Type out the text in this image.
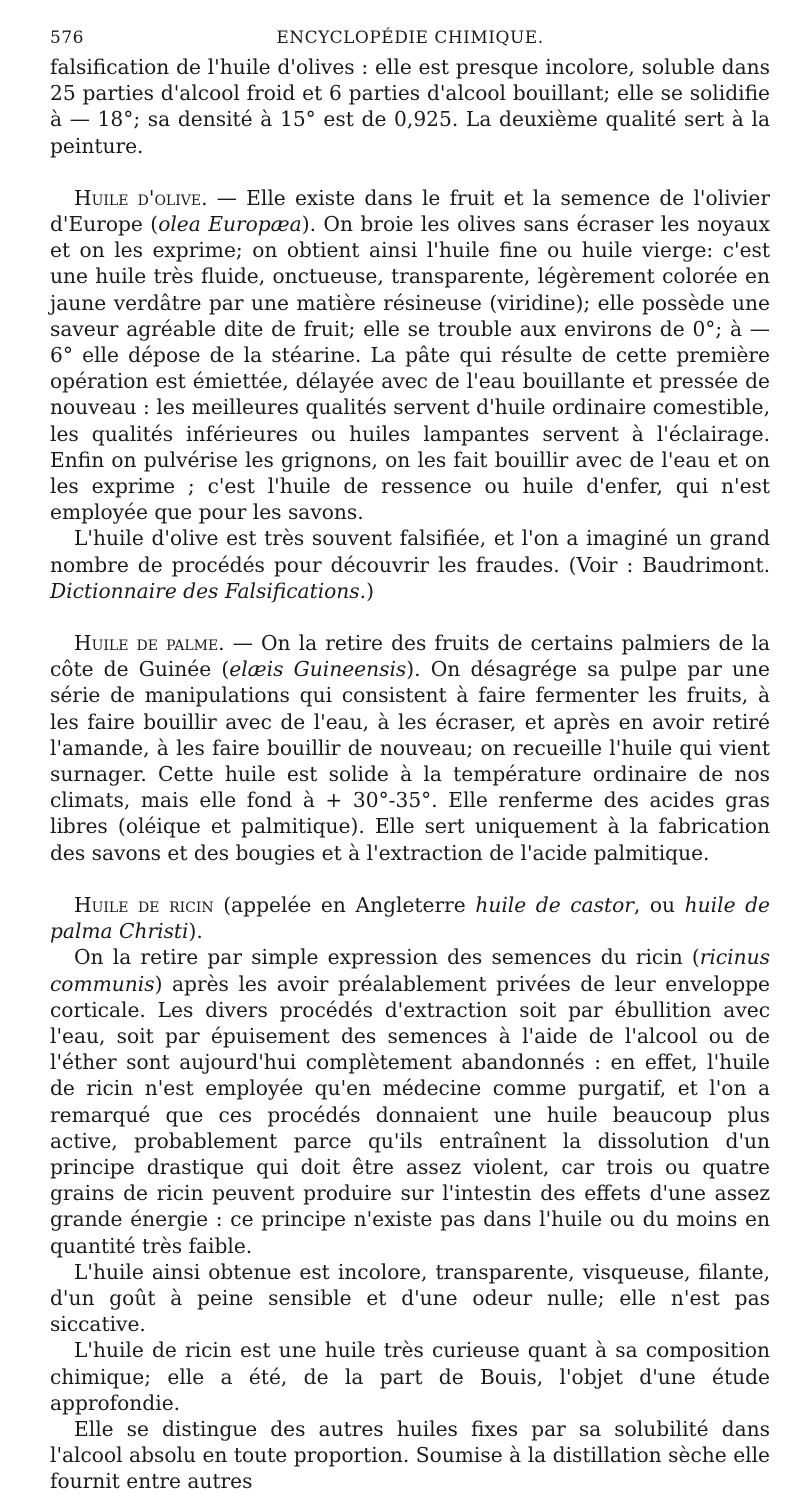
576	ENCYCLOPÉDIE CHIMIQUE.

falsification de l'huile d'olives : elle est presque incolore, soluble dans 25 parties d'alcool froid et 6 parties d'alcool bouillant; elle se solidifie à — 18°; sa densité à 15° est de 0,925. La deuxième qualité sert à la peinture.

Huile d'olive. — Elle existe dans le fruit et la semence de l'olivier d'Europe (olea Europæa). On broie les olives sans écraser les noyaux et on les exprime; on obtient ainsi l'huile fine ou huile vierge: c'est une huile très fluide, onctueuse, transparente, légèrement colorée en jaune verdâtre par une matière résineuse (viridine); elle possède une saveur agréable dite de fruit; elle se trouble aux environs de 0°; à — 6° elle dépose de la stéarine. La pâte qui résulte de cette première opération est émiettée, délayée avec de l'eau bouillante et pressée de nouveau : les meilleures qualités servent d'huile ordinaire comestible, les qualités inférieures ou huiles lampantes servent à l'éclairage. Enfin on pulvérise les grignons, on les fait bouillir avec de l'eau et on les exprime ; c'est l'huile de ressence ou huile d'enfer, qui n'est employée que pour les savons.

L'huile d'olive est très souvent falsifiée, et l'on a imaginé un grand nombre de procédés pour découvrir les fraudes. (Voir : Baudrimont. Dictionnaire des Falsifications.)

Huile de palme. — On la retire des fruits de certains palmiers de la côte de Guinée (elæis Guineensis). On désagrége sa pulpe par une série de manipulations qui consistent à faire fermenter les fruits, à les faire bouillir avec de l'eau, à les écraser, et après en avoir retiré l'amande, à les faire bouillir de nouveau; on recueille l'huile qui vient surnager. Cette huile est solide à la température ordinaire de nos climats, mais elle fond à + 30°-35°. Elle renferme des acides gras libres (oléique et palmitique). Elle sert uniquement à la fabrication des savons et des bougies et à l'extraction de l'acide palmitique.

Huile de ricin (appelée en Angleterre huile de castor, ou huile de palma Christi).

On la retire par simple expression des semences du ricin (ricinus communis) après les avoir préalablement privées de leur enveloppe corticale. Les divers procédés d'extraction soit par ébullition avec l'eau, soit par épuisement des semences à l'aide de l'alcool ou de l'éther sont aujourd'hui complètement abandonnés : en effet, l'huile de ricin n'est employée qu'en médecine comme purgatif, et l'on a remarqué que ces procédés donnaient une huile beaucoup plus active, probablement parce qu'ils entraînent la dissolution d'un principe drastique qui doit être assez violent, car trois ou quatre grains de ricin peuvent produire sur l'intestin des effets d'une assez grande énergie : ce principe n'existe pas dans l'huile ou du moins en quantité très faible.

L'huile ainsi obtenue est incolore, transparente, visqueuse, filante, d'un goût à peine sensible et d'une odeur nulle; elle n'est pas siccative.

L'huile de ricin est une huile très curieuse quant à sa composition chimique; elle a été, de la part de Bouis, l'objet d'une étude approfondie.

Elle se distingue des autres huiles fixes par sa solubilité dans l'alcool absolu en toute proportion. Soumise à la distillation sèche elle fournit entre autres
